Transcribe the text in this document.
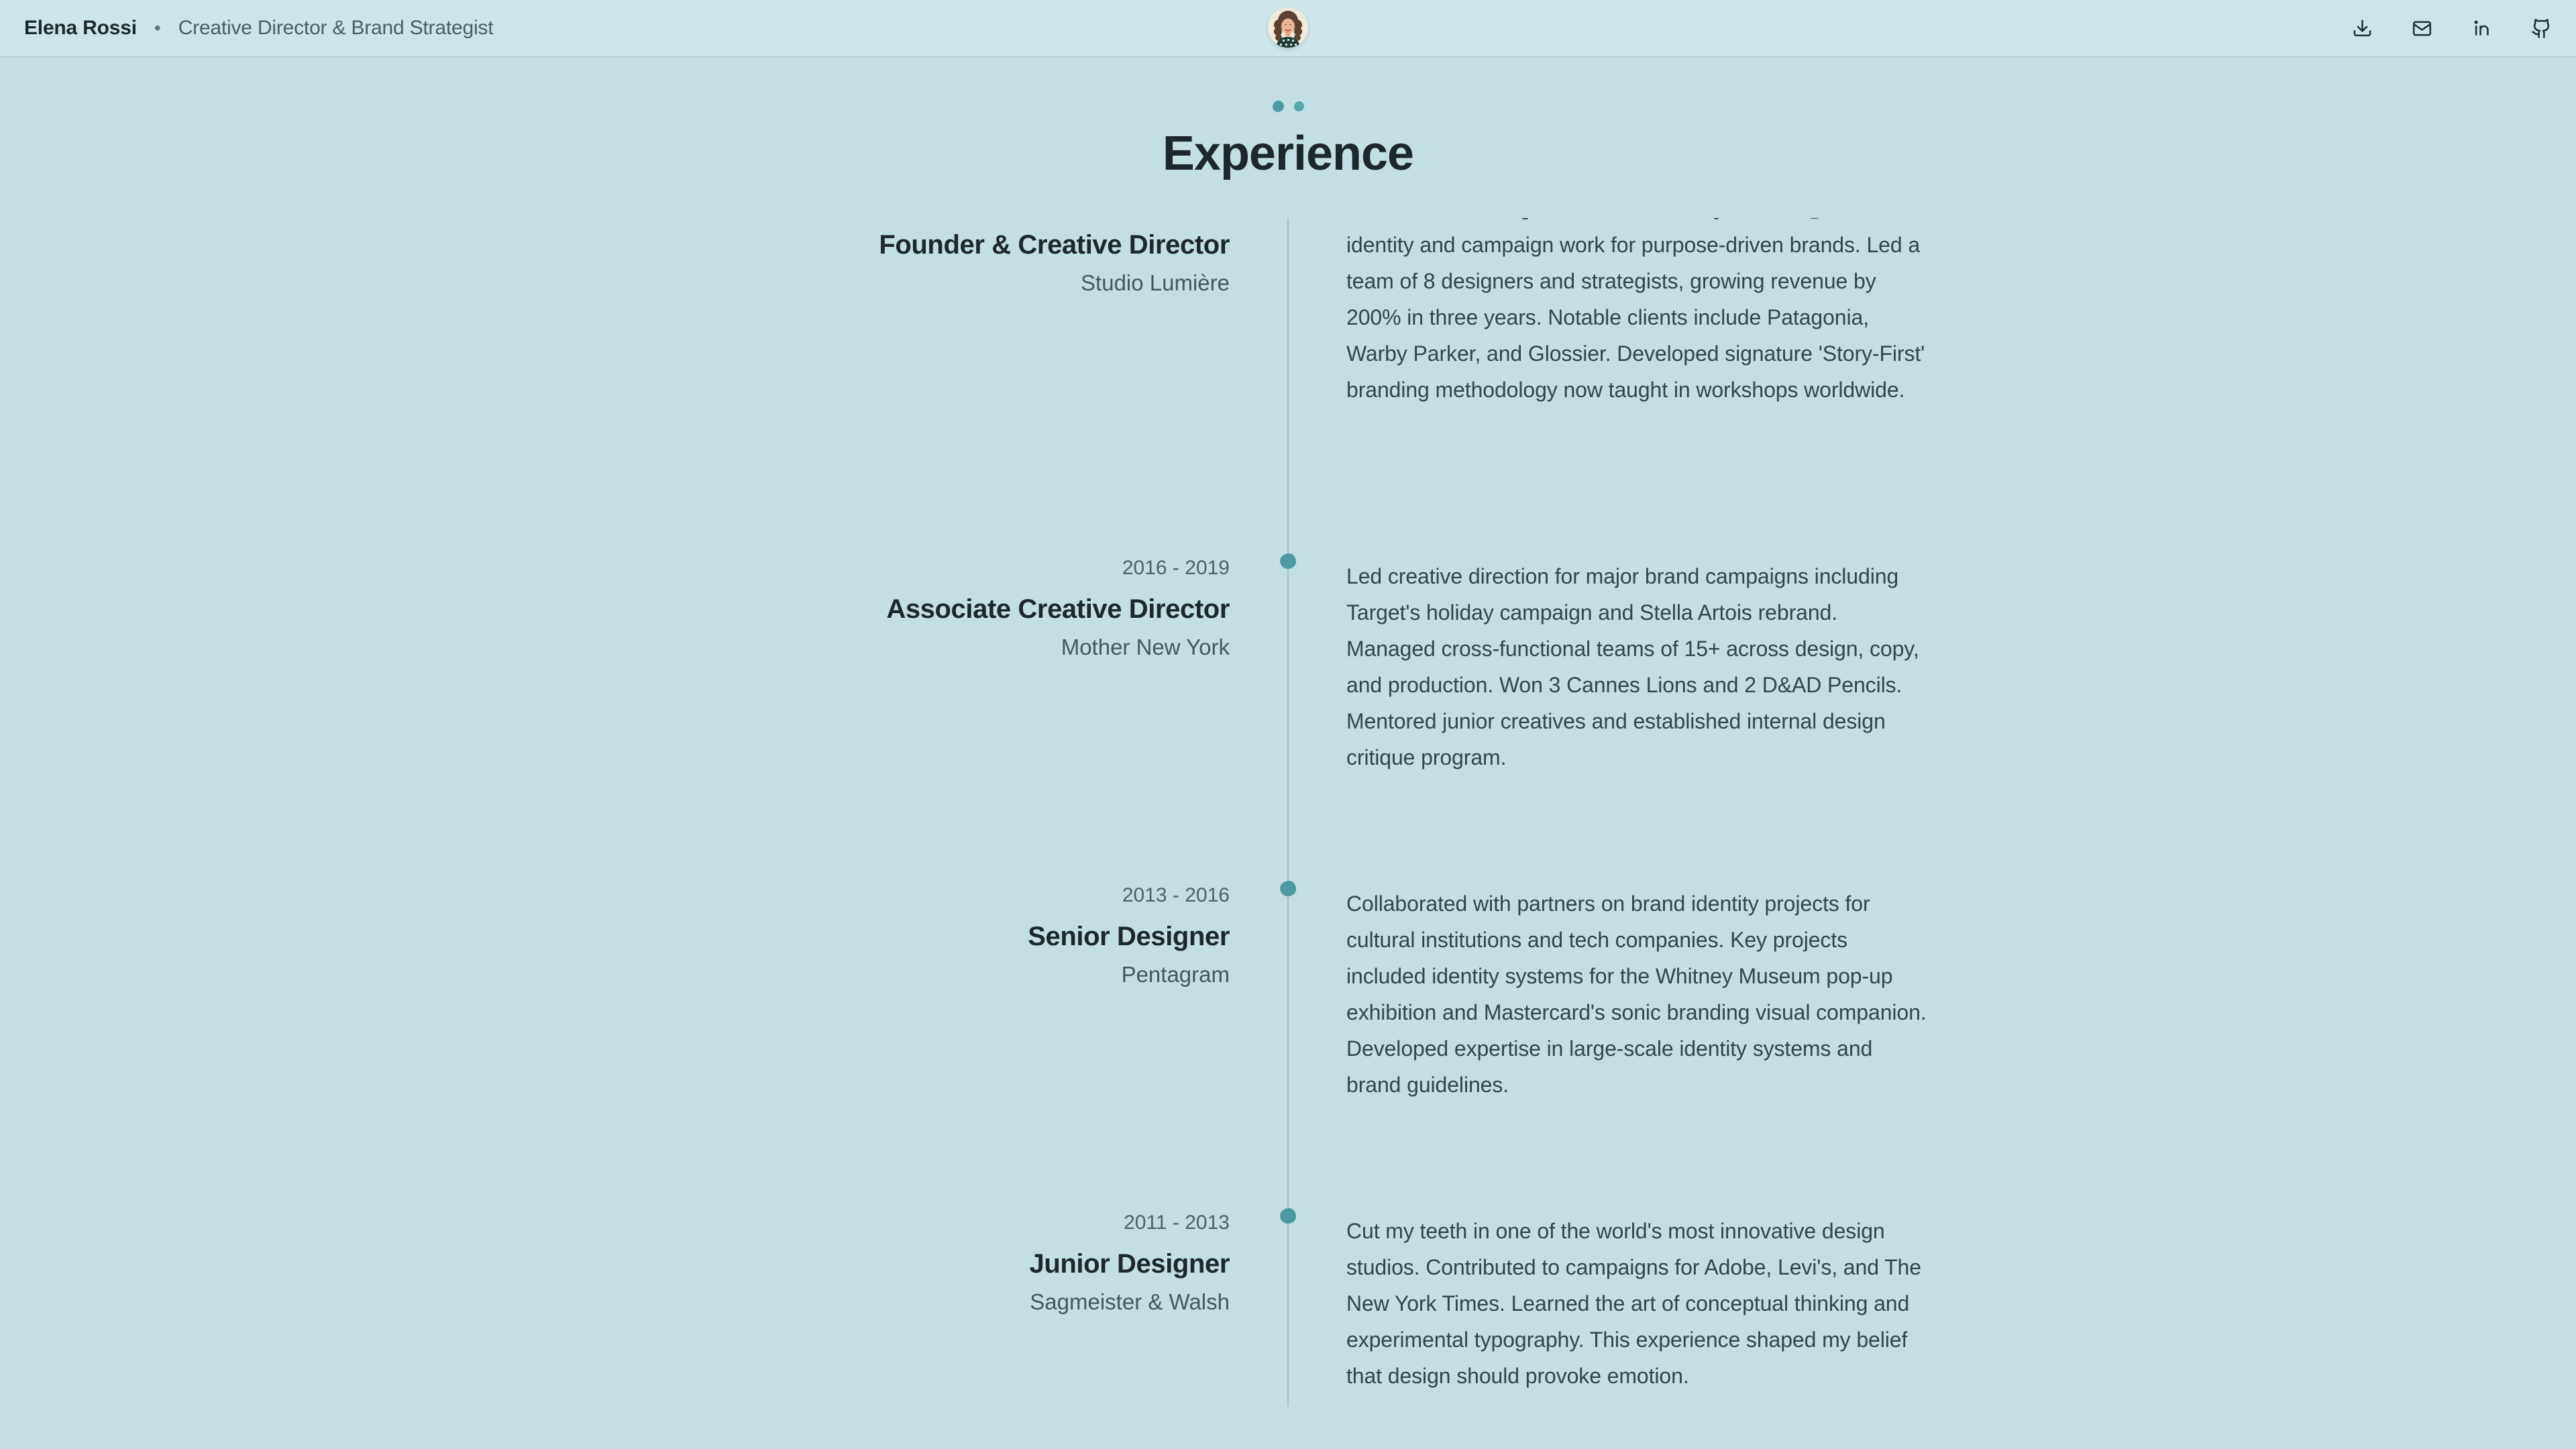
Elena Rossi • Creative Director & Brand Strategist
Experience
Founder & Creative Director
Studio Lumière

identity and campaign work for purpose-driven brands. Led a team of 8 designers and strategists, growing revenue by 200% in three years. Notable clients include Patagonia, Warby Parker, and Glossier. Developed signature 'Story-First' branding methodology now taught in workshops worldwide.

2016 - 2019
Associate Creative Director
Mother New York

Led creative direction for major brand campaigns including Target's holiday campaign and Stella Artois rebrand. Managed cross-functional teams of 15+ across design, copy, and production. Won 3 Cannes Lions and 2 D&AD Pencils. Mentored junior creatives and established internal design critique program.

2013 - 2016
Senior Designer
Pentagram

Collaborated with partners on brand identity projects for cultural institutions and tech companies. Key projects included identity systems for the Whitney Museum pop-up exhibition and Mastercard's sonic branding visual companion. Developed expertise in large-scale identity systems and brand guidelines.

2011 - 2013
Junior Designer
Sagmeister & Walsh

Cut my teeth in one of the world's most innovative design studios. Contributed to campaigns for Adobe, Levi's, and The New York Times. Learned the art of conceptual thinking and experimental typography. This experience shaped my belief that design should provoke emotion.
